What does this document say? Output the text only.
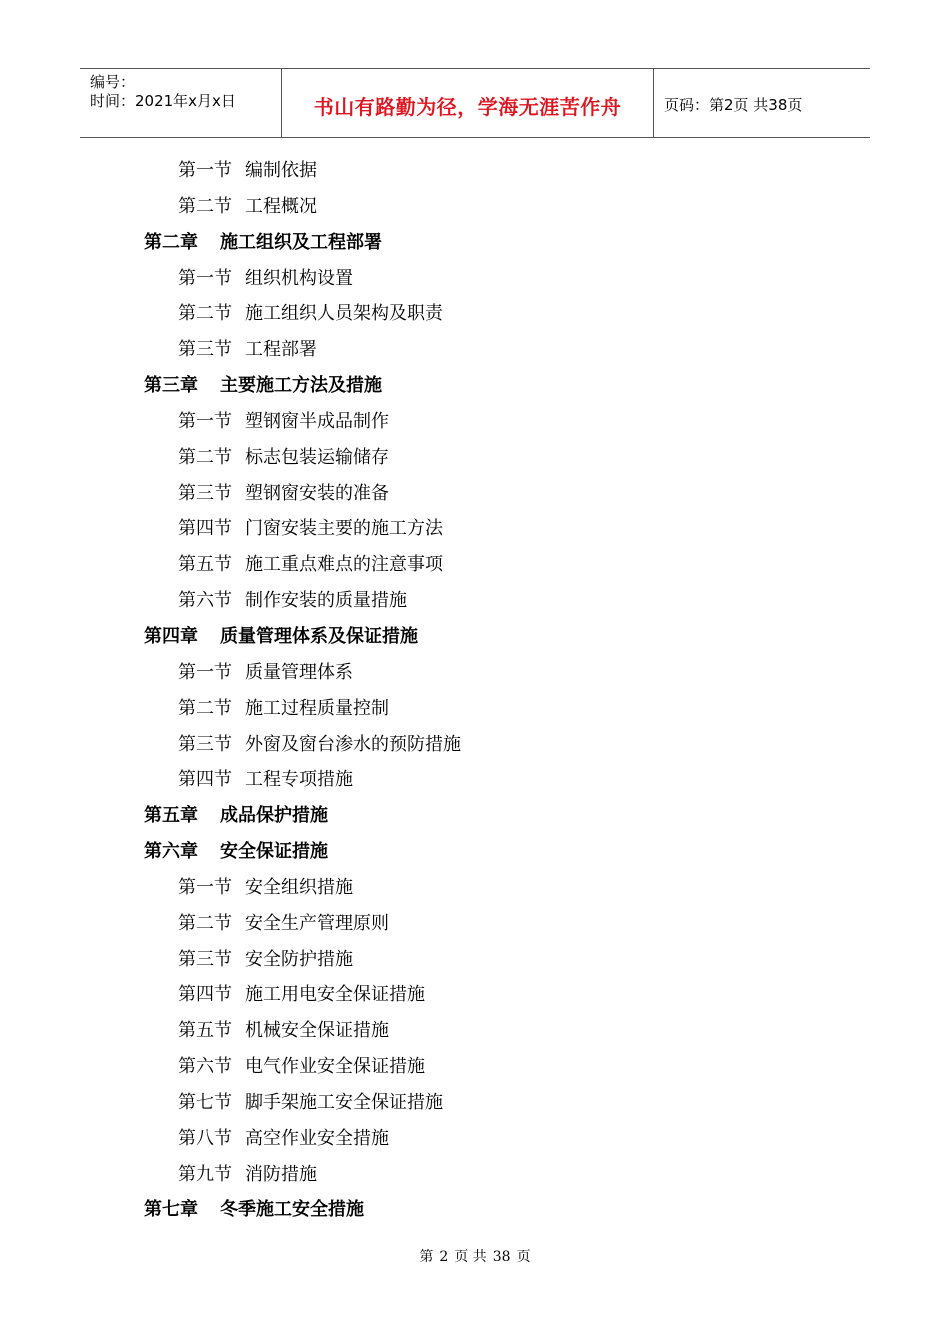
编号：
时间：2021年x月x日	书山有路勤为径，学海无涯苦作舟	页码：第2页 共38页
第一节 编制依据
第二节 工程概况
第二章 施工组织及工程部署
第一节 组织机构设置
第二节 施工组织人员架构及职责
第三节 工程部署
第三章 主要施工方法及措施
第一节 塑钢窗半成品制作
第二节 标志包装运输储存
第三节 塑钢窗安装的准备
第四节 门窗安装主要的施工方法
第五节 施工重点难点的注意事项
第六节 制作安装的质量措施
第四章 质量管理体系及保证措施
第一节 质量管理体系
第二节 施工过程质量控制
第三节 外窗及窗台渗水的预防措施
第四节 工程专项措施
第五章 成品保护措施
第六章 安全保证措施
第一节 安全组织措施
第二节 安全生产管理原则
第三节 安全防护措施
第四节 施工用电安全保证措施
第五节 机械安全保证措施
第六节 电气作业安全保证措施
第七节 脚手架施工安全保证措施
第八节 高空作业安全措施
第九节 消防措施
第七章 冬季施工安全措施
第 2 页 共 38 页
